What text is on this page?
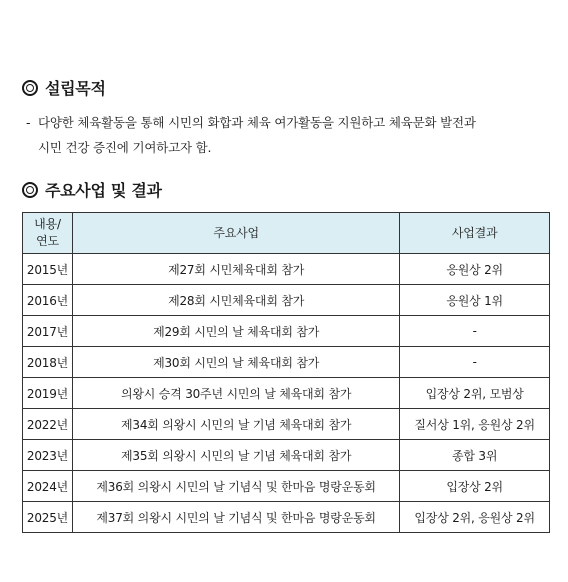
설립목적
- 다양한 체육활동을 통해 시민의 화합과 체육 여가활동을 지원하고 체육문화 발전과
시민 건강 증진에 기여하고자 함.
주요사업 및 결과
내용/
연도	주요사업	사업결과
2015년	제27회 시민체육대회 참가	응원상 2위
2016년	제28회 시민체육대회 참가	응원상 1위
2017년	제29회 시민의 날 체육대회 참가	-
2018년	제30회 시민의 날 체육대회 참가	-
2019년	의왕시 승격 30주년 시민의 날 체육대회 참가	입장상 2위, 모범상
2022년	제34회 의왕시 시민의 날 기념 체육대회 참가	질서상 1위, 응원상 2위
2023년	제35회 의왕시 시민의 날 기념 체육대회 참가	종합 3위
2024년	제36회 의왕시 시민의 날 기념식 및 한마음 명랑운동회	입장상 2위
2025년	제37회 의왕시 시민의 날 기념식 및 한마음 명랑운동회	입장상 2위, 응원상 2위
